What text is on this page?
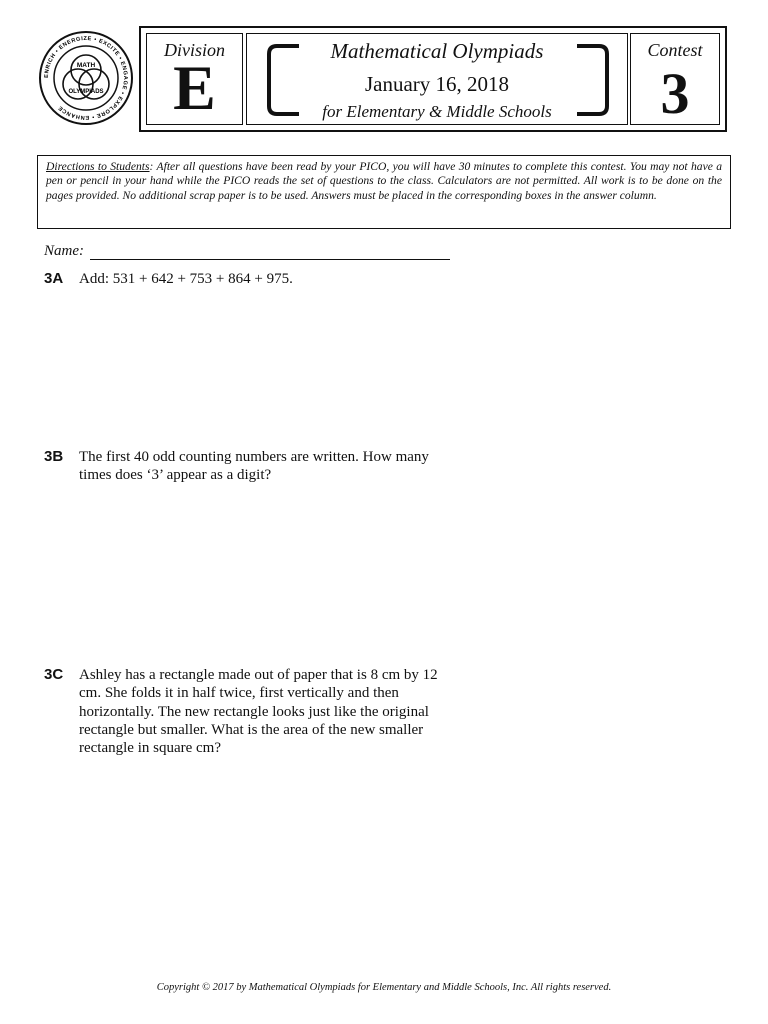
ENRICH • ENERGIZE • EXCITE • ENGAGE • EXPLORE • ENHANCE
MATH
OLYMPIADS
Division
E
Mathematical Olympiads
January 16, 2018
for Elementary & Middle Schools
Contest
3
Directions to Students: After all questions have been read by your PICO, you will have 30 minutes to complete this contest. You may not have a pen or pencil in your hand while the PICO reads the set of questions to the class. Calculators are not permitted. All work is to be done on the pages provided. No additional scrap paper is to be used. Answers must be placed in the corresponding boxes in the answer column.
Name:
3A Add: 531 + 642 + 753 + 864 + 975.
3B The first 40 odd counting numbers are written. How many times does ‘3’ appear as a digit?
3C Ashley has a rectangle made out of paper that is 8 cm by 12 cm. She folds it in half twice, first vertically and then horizontally. The new rectangle looks just like the original rectangle but smaller. What is the area of the new smaller rectangle in square cm?
Copyright © 2017 by Mathematical Olympiads for Elementary and Middle Schools, Inc. All rights reserved.
